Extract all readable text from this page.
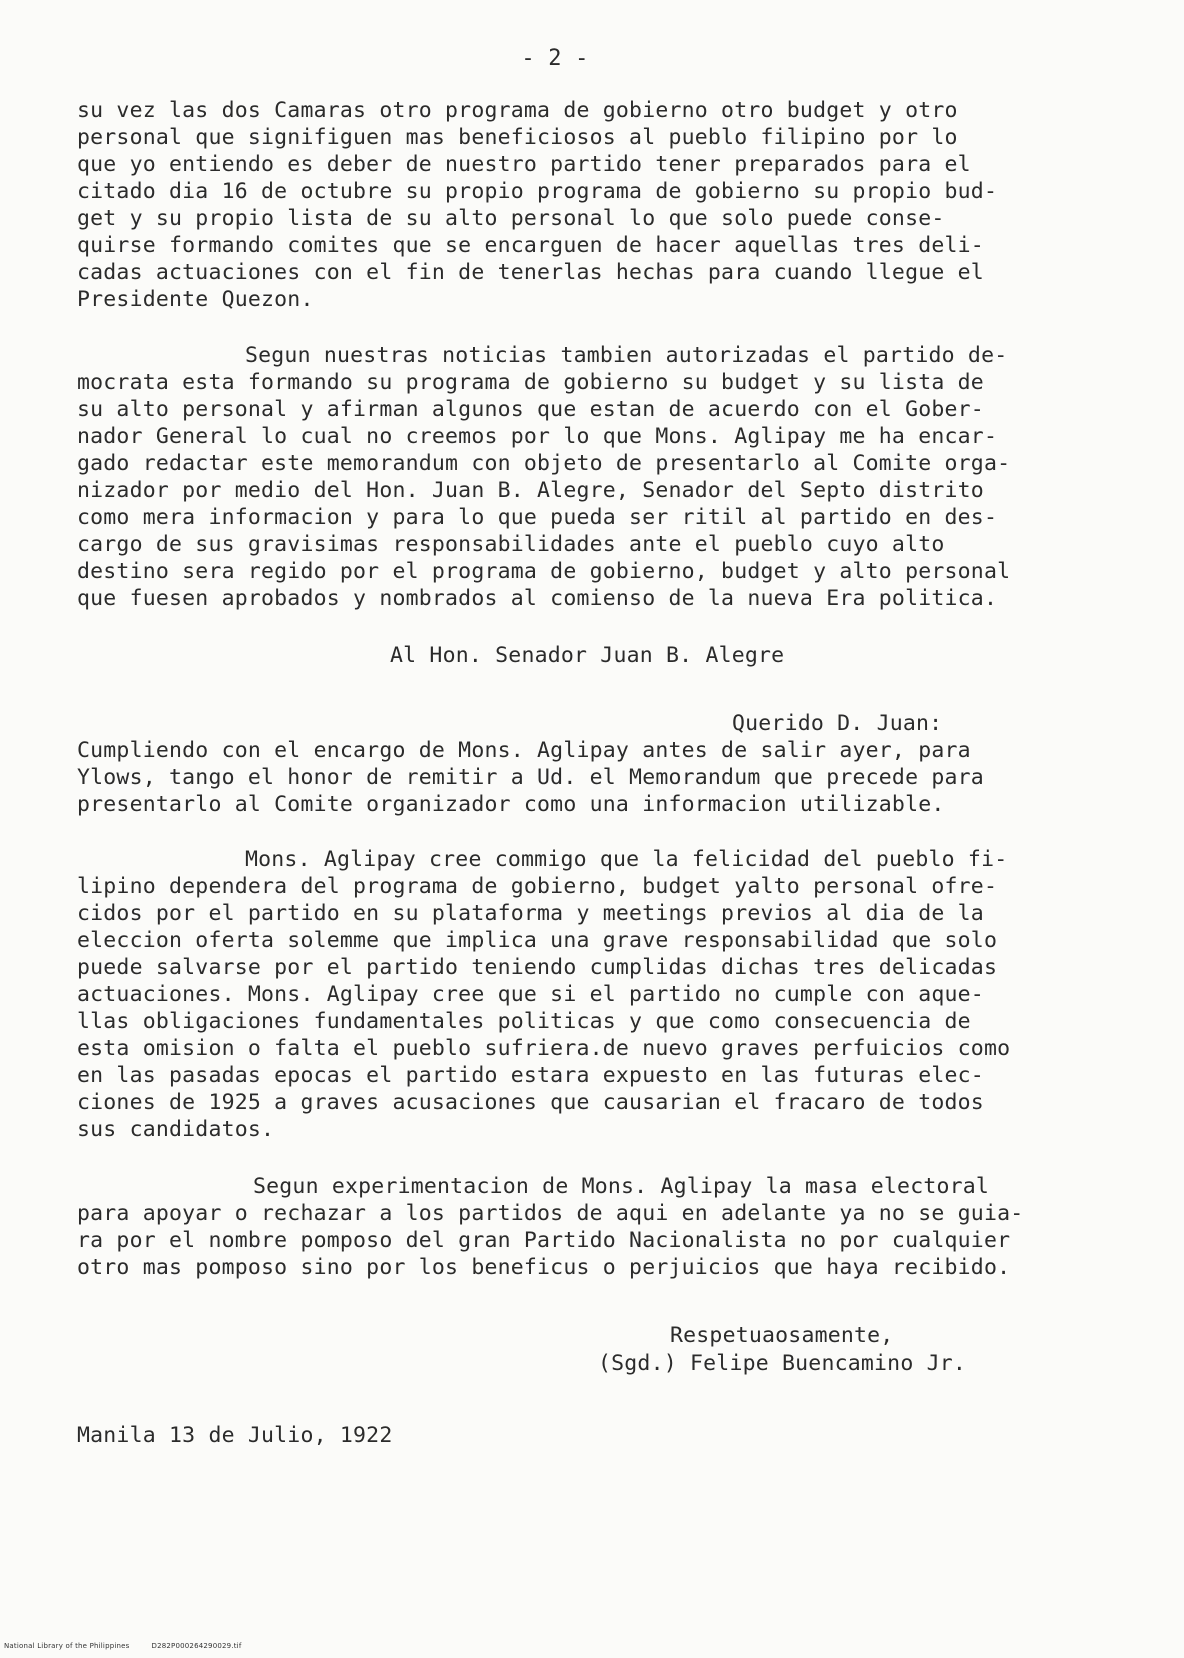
- 2 -
su vez las dos Camaras otro programa de gobierno otro budget y otro
personal que signifiguen mas beneficiosos al pueblo filipino por lo
que yo entiendo es deber de nuestro partido tener preparados para el
citado dia 16 de octubre su propio programa de gobierno su propio bud-
get y su propio lista de su alto personal lo que solo puede conse-
quirse formando comites que se encarguen de hacer aquellas tres deli-
cadas actuaciones con el fin de tenerlas hechas para cuando llegue el
Presidente Quezon.
Segun nuestras noticias tambien autorizadas el partido de-
mocrata esta formando su programa de gobierno su budget y su lista de
su alto personal y afirman algunos que estan de acuerdo con el Gober-
nador General lo cual no creemos por lo que Mons. Aglipay me ha encar-
gado redactar este memorandum con objeto de presentarlo al Comite orga-
nizador por medio del Hon. Juan B. Alegre, Senador del Septo distrito
como mera informacion y para lo que pueda ser ritil al partido en des-
cargo de sus gravisimas responsabilidades ante el pueblo cuyo alto
destino sera regido por el programa de gobierno, budget y alto personal
que fuesen aprobados y nombrados al comienso de la nueva Era politica.
Al Hon. Senador Juan B. Alegre
Querido D. Juan:
Cumpliendo con el encargo de Mons. Aglipay antes de salir ayer, para
Ylows, tango el honor de remitir a Ud. el Memorandum que precede para
presentarlo al Comite organizador como una informacion utilizable.
Mons. Aglipay cree commigo que la felicidad del pueblo fi-
lipino dependera del programa de gobierno, budget yalto personal ofre-
cidos por el partido en su plataforma y meetings previos al dia de la
eleccion oferta solemme que implica una grave responsabilidad que solo
puede salvarse por el partido teniendo cumplidas dichas tres delicadas
actuaciones. Mons. Aglipay cree que si el partido no cumple con aque-
llas obligaciones fundamentales politicas y que como consecuencia de
esta omision o falta el pueblo sufriera.de nuevo graves perfuicios como
en las pasadas epocas el partido estara expuesto en las futuras elec-
ciones de 1925 a graves acusaciones que causarian el fracaro de todos
sus candidatos.
Segun experimentacion de Mons. Aglipay la masa electoral
para apoyar o rechazar a los partidos de aqui en adelante ya no se guia-
ra por el nombre pomposo del gran Partido Nacionalista no por cualquier
otro mas pomposo sino por los beneficus o perjuicios que haya recibido.
Respetuaosamente,
(Sgd.) Felipe Buencamino Jr.
Manila 13 de Julio, 1922
National Library of the Philippines	D282P000264290029.tif
